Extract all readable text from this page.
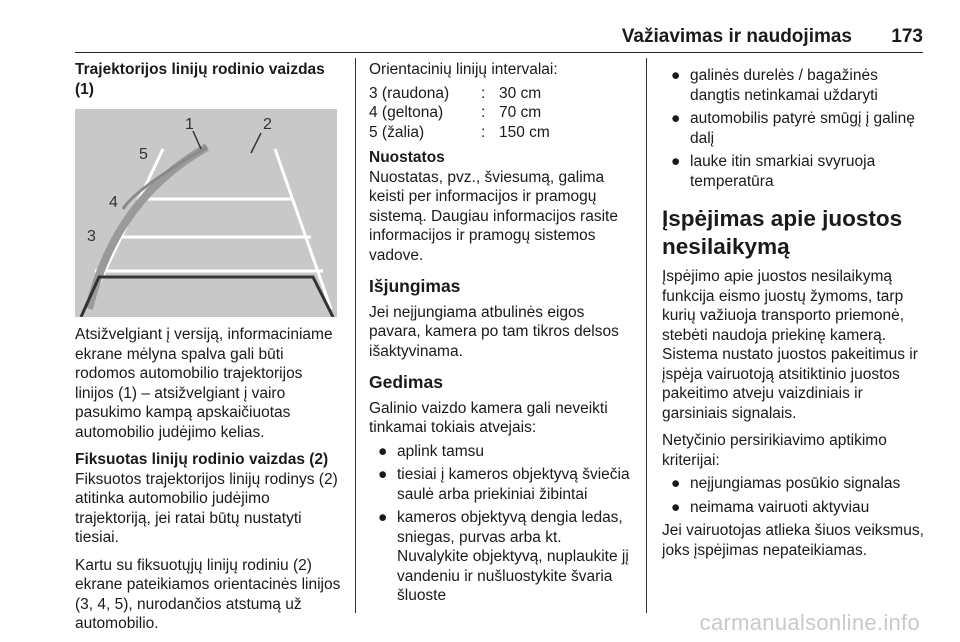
Važiavimas ir naudojimas 173

Trajektorijos linijų rodinio vaizdas (1)

1	2
5
4
3

Atsižvelgiant į versiją, informaciniame ekrane mėlyna spalva gali būti rodomos automobilio trajektorijos linijos (1) – atsižvelgiant į vairo pasukimo kampą apskaičiuotas automobilio judėjimo kelias.

Fiksuotas linijų rodinio vaizdas (2)

Fiksuotos trajektorijos linijų rodinys (2) atitinka automobilio judėjimo trajektoriją, jei ratai būtų nustatyti tiesiai.

Kartu su fiksuotųjų linijų rodiniu (2) ekrane pateikiamos orientacinės linijos (3, 4, 5), nurodančios atstumą už automobilio.

Orientacinių linijų intervalai:

3 (raudona)	: 30 cm
4 (geltona)	: 70 cm
5 (žalia)	: 150 cm

Nuostatos

Nuostatas, pvz., šviesumą, galima keisti per informacijos ir pramogų sistemą. Daugiau informacijos rasite informacijos ir pramogų sistemos vadove.

Išjungimas

Jei neįjungiama atbulinės eigos pavara, kamera po tam tikros delsos išaktyvinama.

Gedimas

Galinio vaizdo kamera gali neveikti tinkamai tokiais atvejais:

● aplink tamsu
● tiesiai į kameros objektyvą šviečia saulė arba priekiniai žibintai
● kameros objektyvą dengia ledas, sniegas, purvas arba kt. Nuvalykite objektyvą, nuplaukite jį vandeniu ir nušluostykite švaria šluoste
● galinės durelės / bagažinės dangtis netinkamai uždaryti
● automobilis patyrė smūgį į galinę dalį
● lauke itin smarkiai svyruoja temperatūra

Įspėjimas apie juostos nesilaikymą

Įspėjimo apie juostos nesilaikymą funkcija eismo juostų žymoms, tarp kurių važiuoja transporto priemonė, stebėti naudoja priekinę kamerą. Sistema nustato juostos pakeitimus ir įspėja vairuotoją atsitiktinio juostos pakeitimo atveju vaizdiniais ir garsiniais signalais.

Netyčinio persirikiavimo aptikimo kriterijai:

● neįjungiamas posūkio signalas
● neimama vairuoti aktyviau

Jei vairuotojas atlieka šiuos veiksmus, joks įspėjimas nepateikiamas.

carmanualsonline.info
